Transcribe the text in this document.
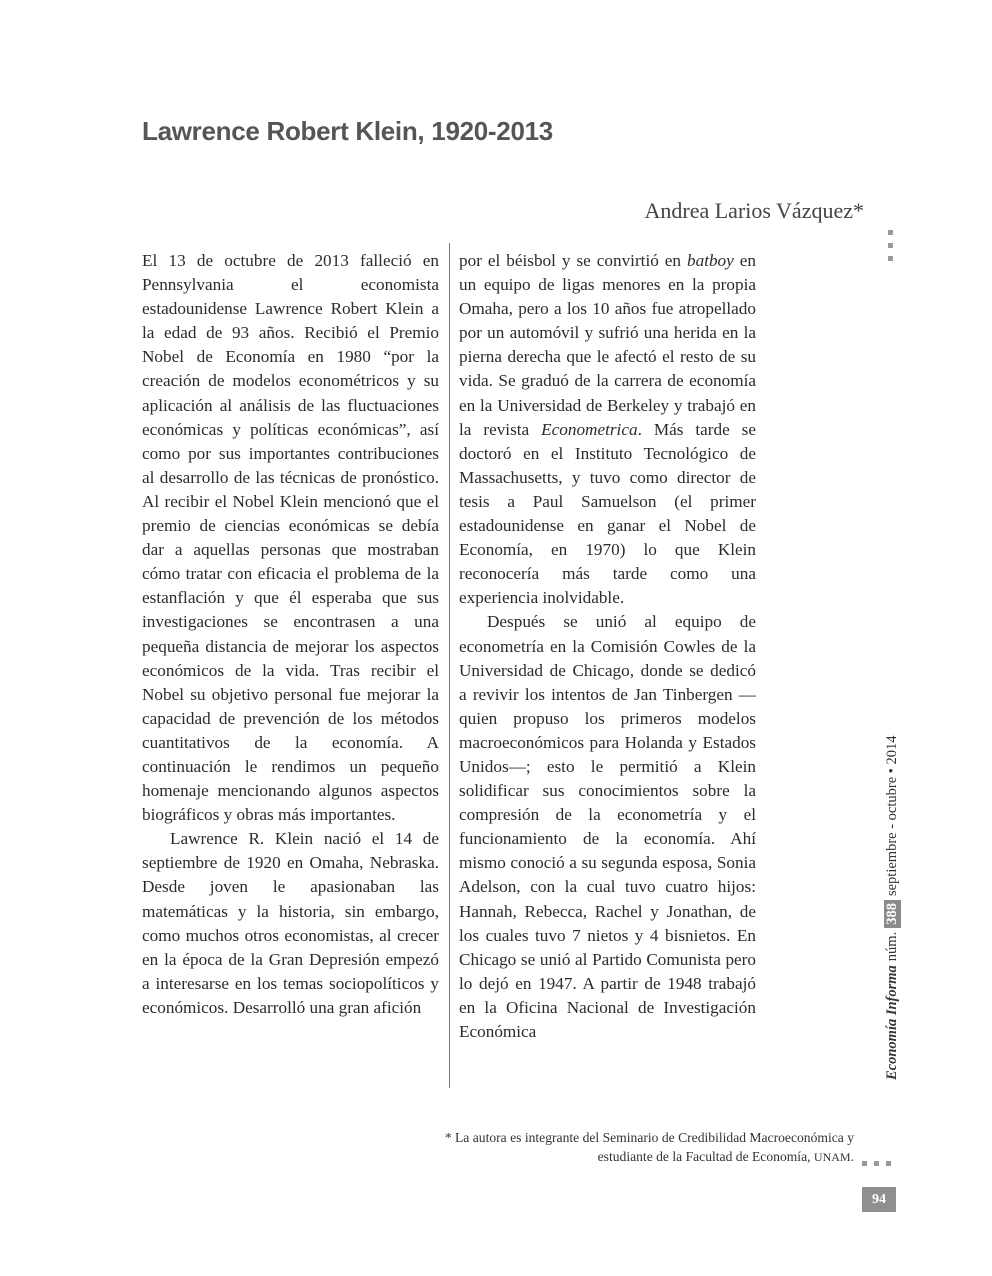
Lawrence Robert Klein, 1920-2013

Andrea Larios Vázquez*

El 13 de octubre de 2013 falleció en Pennsylvania el economista estadounidense Lawrence Robert Klein a la edad de 93 años. Recibió el Premio Nobel de Economía en 1980 “por la creación de modelos econométricos y su aplicación al análisis de las fluctuaciones económicas y políticas económicas”, así como por sus importantes contribuciones al desarrollo de las técnicas de pronóstico. Al recibir el Nobel Klein mencionó que el premio de ciencias económicas se debía dar a aquellas personas que mostraban cómo tratar con eficacia el problema de la estanflación y que él esperaba que sus investigaciones se encontrasen a una pequeña distancia de mejorar los aspectos económicos de la vida. Tras recibir el Nobel su objetivo personal fue mejorar la capacidad de prevención de los métodos cuantitativos de la economía. A continuación le rendimos un pequeño homenaje mencionando algunos aspectos biográficos y obras más importantes.

Lawrence R. Klein nació el 14 de septiembre de 1920 en Omaha, Nebraska. Desde joven le apasionaban las matemáticas y la historia, sin embargo, como muchos otros economistas, al crecer en la época de la Gran Depresión empezó a interesarse en los temas sociopolíticos y económicos. Desarrolló una gran afición

por el béisbol y se convirtió en batboy en un equipo de ligas menores en la propia Omaha, pero a los 10 años fue atropellado por un automóvil y sufrió una herida en la pierna derecha que le afectó el resto de su vida. Se graduó de la carrera de economía en la Universidad de Berkeley y trabajó en la revista Econometrica. Más tarde se doctoró en el Instituto Tecnológico de Massachusetts, y tuvo como director de tesis a Paul Samuelson (el primer estadounidense en ganar el Nobel de Economía, en 1970) lo que Klein reconocería más tarde como una experiencia inolvidable.

Después se unió al equipo de econometría en la Comisión Cowles de la Universidad de Chicago, donde se dedicó a revivir los intentos de Jan Tinbergen —quien propuso los primeros modelos macroeconómicos para Holanda y Estados Unidos—; esto le permitió a Klein solidificar sus conocimientos sobre la compresión de la econometría y el funcionamiento de la economía. Ahí mismo conoció a su segunda esposa, Sonia Adelson, con la cual tuvo cuatro hijos: Hannah, Rebecca, Rachel y Jonathan, de los cuales tuvo 7 nietos y 4 bisnietos. En Chicago se unió al Partido Comunista pero lo dejó en 1947. A partir de 1948 trabajó en la Oficina Nacional de Investigación Económica	Economía Informa
núm.
388
septiembre - octubre • 2014

* La autora es integrante del Seminario de Credibilidad Macroeconómica y

estudiante de la Facultad de Economía, UNAM.

94
